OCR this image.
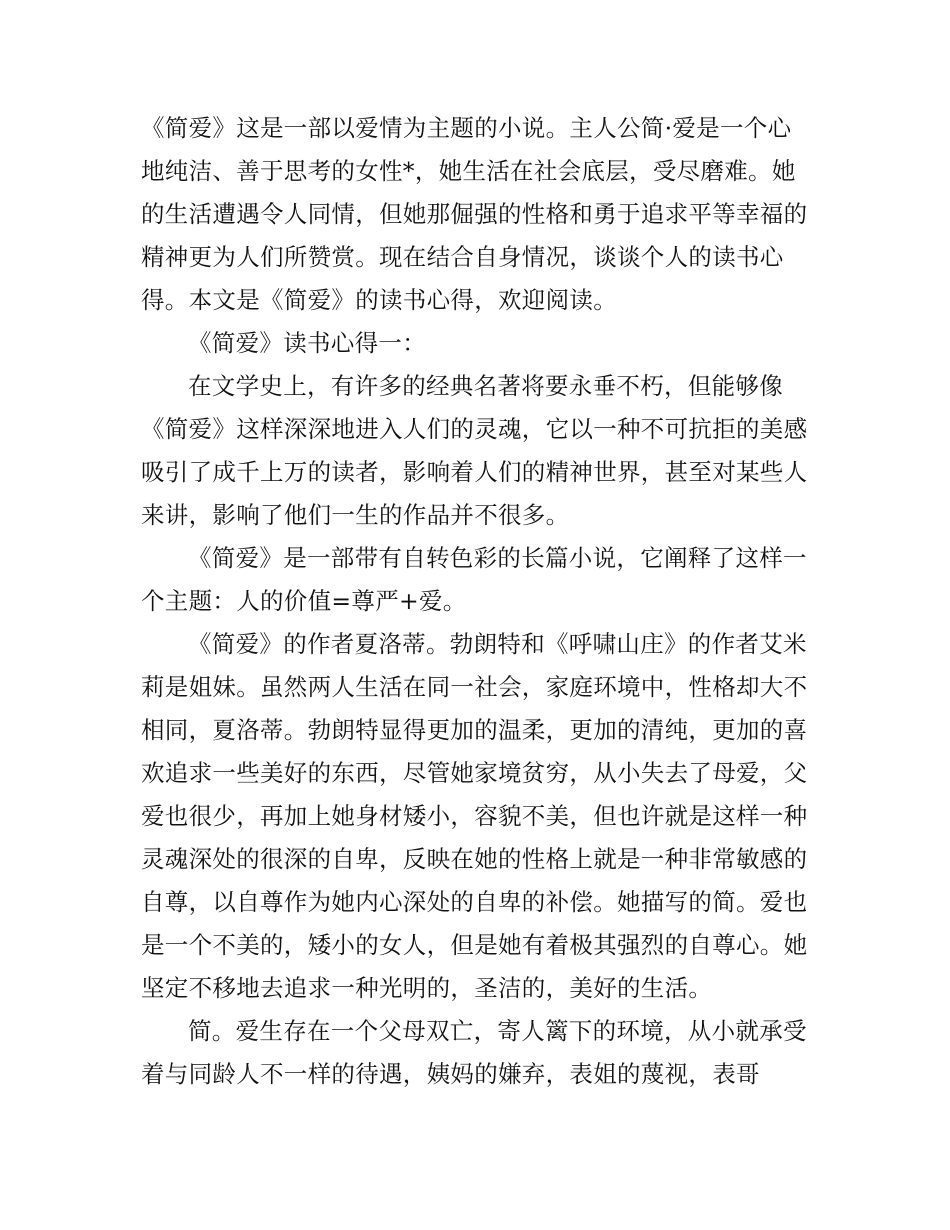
《简爱》这是一部以爱情为主题的小说。主人公简·爱是一个心地纯洁、善于思考的女性*，她生活在社会底层，受尽磨难。她的生活遭遇令人同情，但她那倔强的性格和勇于追求平等幸福的精神更为人们所赞赏。现在结合自身情况，谈谈个人的读书心得。本文是《简爱》的读书心得，欢迎阅读。

《简爱》读书心得一：

在文学史上，有许多的经典名著将要永垂不朽，但能够像《简爱》这样深深地进入人们的灵魂，它以一种不可抗拒的美感吸引了成千上万的读者，影响着人们的精神世界，甚至对某些人来讲，影响了他们一生的作品并不很多。

《简爱》是一部带有自转色彩的长篇小说，它阐释了这样一个主题：人的价值=尊严+爱。

《简爱》的作者夏洛蒂。勃朗特和《呼啸山庄》的作者艾米莉是姐妹。虽然两人生活在同一社会，家庭环境中，性格却大不相同，夏洛蒂。勃朗特显得更加的温柔，更加的清纯，更加的喜欢追求一些美好的东西，尽管她家境贫穷，从小失去了母爱，父爱也很少，再加上她身材矮小，容貌不美，但也许就是这样一种灵魂深处的很深的自卑，反映在她的性格上就是一种非常敏感的自尊，以自尊作为她内心深处的自卑的补偿。她描写的简。爱也是一个不美的，矮小的女人，但是她有着极其强烈的自尊心。她坚定不移地去追求一种光明的，圣洁的，美好的生活。

简。爱生存在一个父母双亡，寄人篱下的环境，从小就承受着与同龄人不一样的待遇，姨妈的嫌弃，表姐的蔑视，表哥
